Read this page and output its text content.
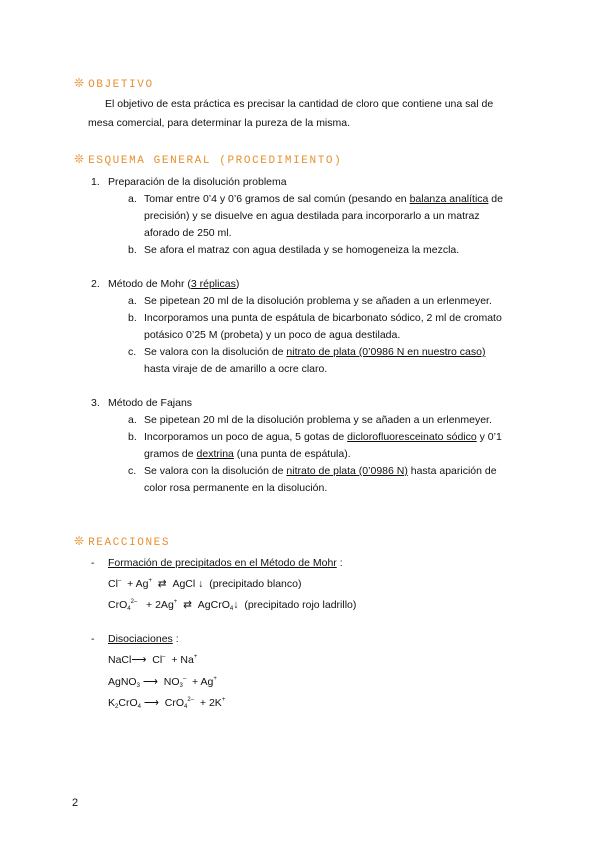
❊ OBJETIVO
El objetivo de esta práctica es precisar la cantidad de cloro que contiene una sal de
mesa comercial, para determinar la pureza de la misma.
❊ ESQUEMA GENERAL (PROCEDIMIENTO)
1. Preparación de la disolución problema
a. Tomar entre 0’4 y 0’6 gramos de sal común (pesando en balanza analítica de
precisión) y se disuelve en agua destilada para incorporarlo a un matraz
aforado de 250 ml.
b. Se afora el matraz con agua destilada y se homogeneiza la mezcla.
2. Método de Mohr (3 réplicas)
a. Se pipetean 20 ml de la disolución problema y se añaden a un erlenmeyer.
b. Incorporamos una punta de espátula de bicarbonato sódico, 2 ml de cromato
potásico 0’25 M (probeta) y un poco de agua destilada.
c. Se valora con la disolución de nitrato de plata (0’0986 N en nuestro caso)
hasta viraje de de amarillo a ocre claro.
3. Método de Fajans
a. Se pipetean 20 ml de la disolución problema y se añaden a un erlenmeyer.
b. Incorporamos un poco de agua, 5 gotas de diclorofluoresceinato sódico y 0’1
gramos de dextrina (una punta de espátula).
c. Se valora con la disolución de nitrato de plata (0’0986 N) hasta aparición de
color rosa permanente en la disolución.
❊ REACCIONES
- Formación de precipitados en el Método de Mohr :
Cl– + Ag+ ⇄ AgCl ↓ (precipitado blanco)
CrO$_4^{2-}$ + 2Ag+ ⇄ AgCrO$_4$↓ (precipitado rojo ladrillo)
- Disociaciones :
NaCl⟶ Cl– + Na+
AgNO$_3$ ⟶ $NO_3^- + Ag^+$
$K_2CrO_4$ ⟶ CrO$_4^{2-}$ + 2K+
2
